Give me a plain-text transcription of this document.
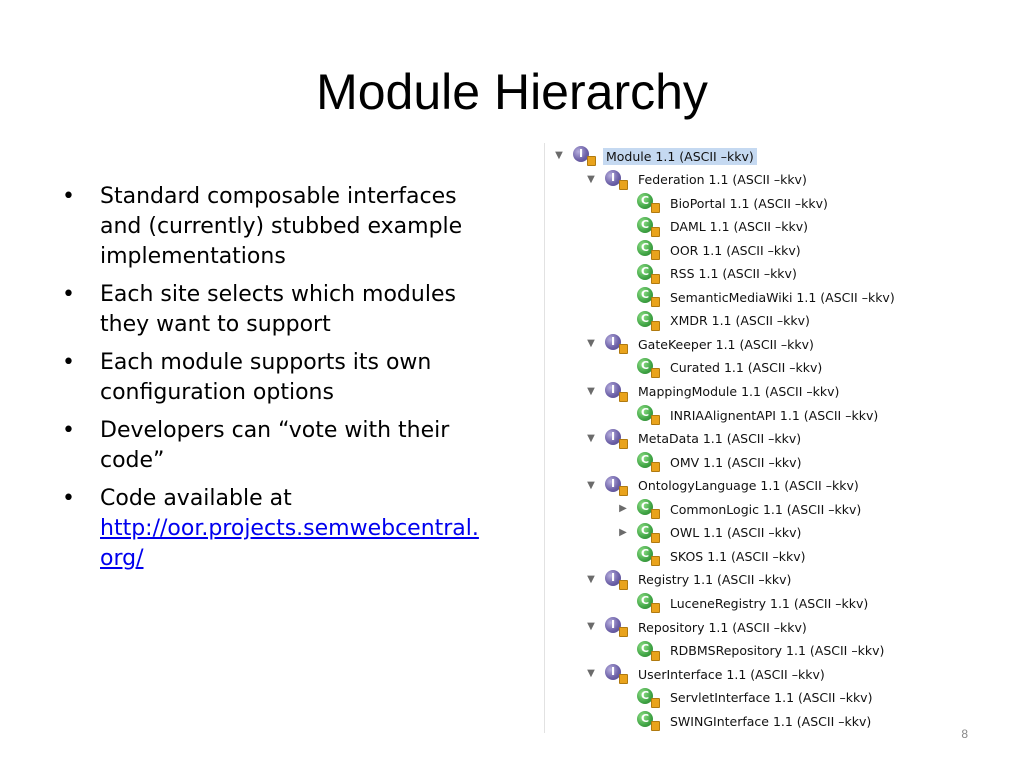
Module Hierarchy
• Standard composable interfaces and (currently) stubbed example implementations
• Each site selects which modules they want to support
• Each module supports its own configuration options
• Developers can “vote with their code”
• Code available at
http://oor.projects.semwebcentral.org/
▼	I	Module 1.1 (ASCII –kkv)
▼	I	Federation 1.1 (ASCII –kkv)
C	BioPortal 1.1 (ASCII –kkv)
C	DAML 1.1 (ASCII –kkv)
C	OOR 1.1 (ASCII –kkv)
C	RSS 1.1 (ASCII –kkv)
C	SemanticMediaWiki 1.1 (ASCII –kkv)
C	XMDR 1.1 (ASCII –kkv)
▼	I	GateKeeper 1.1 (ASCII –kkv)
C	Curated 1.1 (ASCII –kkv)
▼	I	MappingModule 1.1 (ASCII –kkv)
C	INRIAAlignentAPI 1.1 (ASCII –kkv)
▼	I	MetaData 1.1 (ASCII –kkv)
C	OMV 1.1 (ASCII –kkv)
▼	I	OntologyLanguage 1.1 (ASCII –kkv)
▶	C	CommonLogic 1.1 (ASCII –kkv)
▶	C	OWL 1.1 (ASCII –kkv)
C	SKOS 1.1 (ASCII –kkv)
▼	I	Registry 1.1 (ASCII –kkv)
C	LuceneRegistry 1.1 (ASCII –kkv)
▼	I	Repository 1.1 (ASCII –kkv)
C	RDBMSRepository 1.1 (ASCII –kkv)
▼	I	UserInterface 1.1 (ASCII –kkv)
C	ServletInterface 1.1 (ASCII –kkv)
C	SWINGInterface 1.1 (ASCII –kkv)
8
